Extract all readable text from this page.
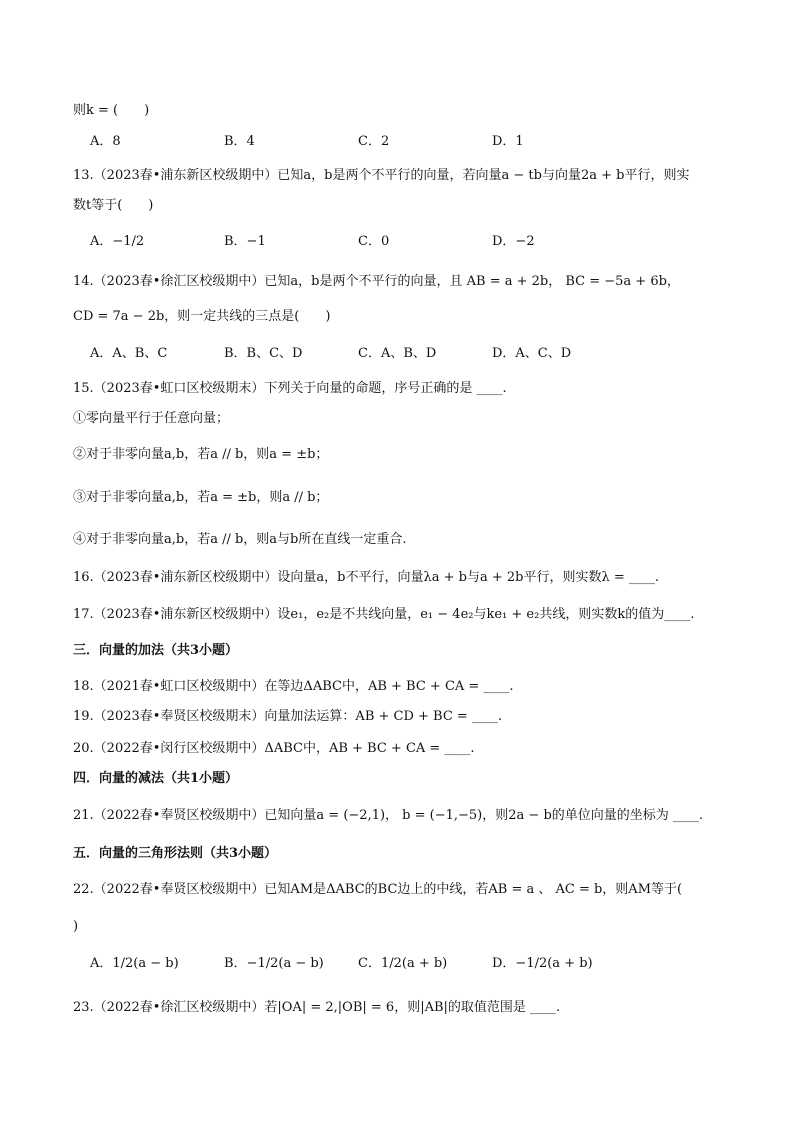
则k = (　　)
A．8	B．4	C．2	D．1
13.（2023春•浦东新区校级期中）已知a，b是两个不平行的向量，若向量a − tb与向量2a + b平行，则实
数t等于(　　)
A．−1/2	B．−1	C．0	D．−2
14.（2023春•徐汇区校级期中）已知a，b是两个不平行的向量，且 AB = a + 2b， BC = −5a + 6b，
CD = 7a − 2b，则一定共线的三点是(　　)
A．A、B、C	B．B、C、D	C．A、B、D	D．A、C、D
15.（2023春•虹口区校级期末）下列关于向量的命题，序号正确的是 ____.
①零向量平行于任意向量；
②对于非零向量a,b，若a // b，则a = ±b；
③对于非零向量a,b，若a = ±b，则a // b；
④对于非零向量a,b，若a // b，则a与b所在直线一定重合.
16.（2023春•浦东新区校级期中）设向量a，b不平行，向量λa + b与a + 2b平行，则实数λ = ____.
17.（2023春•浦东新区校级期中）设e₁，e₂是不共线向量，e₁ − 4e₂与ke₁ + e₂共线，则实数k的值为____.
三．向量的加法（共3小题）
18.（2021春•虹口区校级期中）在等边ΔABC中，AB + BC + CA = ____.
19.（2023春•奉贤区校级期末）向量加法运算：AB + CD + BC = ____.
20.（2022春•闵行区校级期中）ΔABC中，AB + BC + CA = ____.
四．向量的减法（共1小题）
21.（2022春•奉贤区校级期中）已知向量a = (−2,1)， b = (−1,−5)，则2a − b的单位向量的坐标为 ____.
五．向量的三角形法则（共3小题）
22.（2022春•奉贤区校级期中）已知AM是ΔABC的BC边上的中线，若AB = a 、 AC = b，则AM等于(
)
A．1/2(a − b)	B．−1/2(a − b)	C．1/2(a + b)	D．−1/2(a + b)
23.（2022春•徐汇区校级期中）若|OA| = 2,|OB| = 6，则|AB|的取值范围是 ____.
